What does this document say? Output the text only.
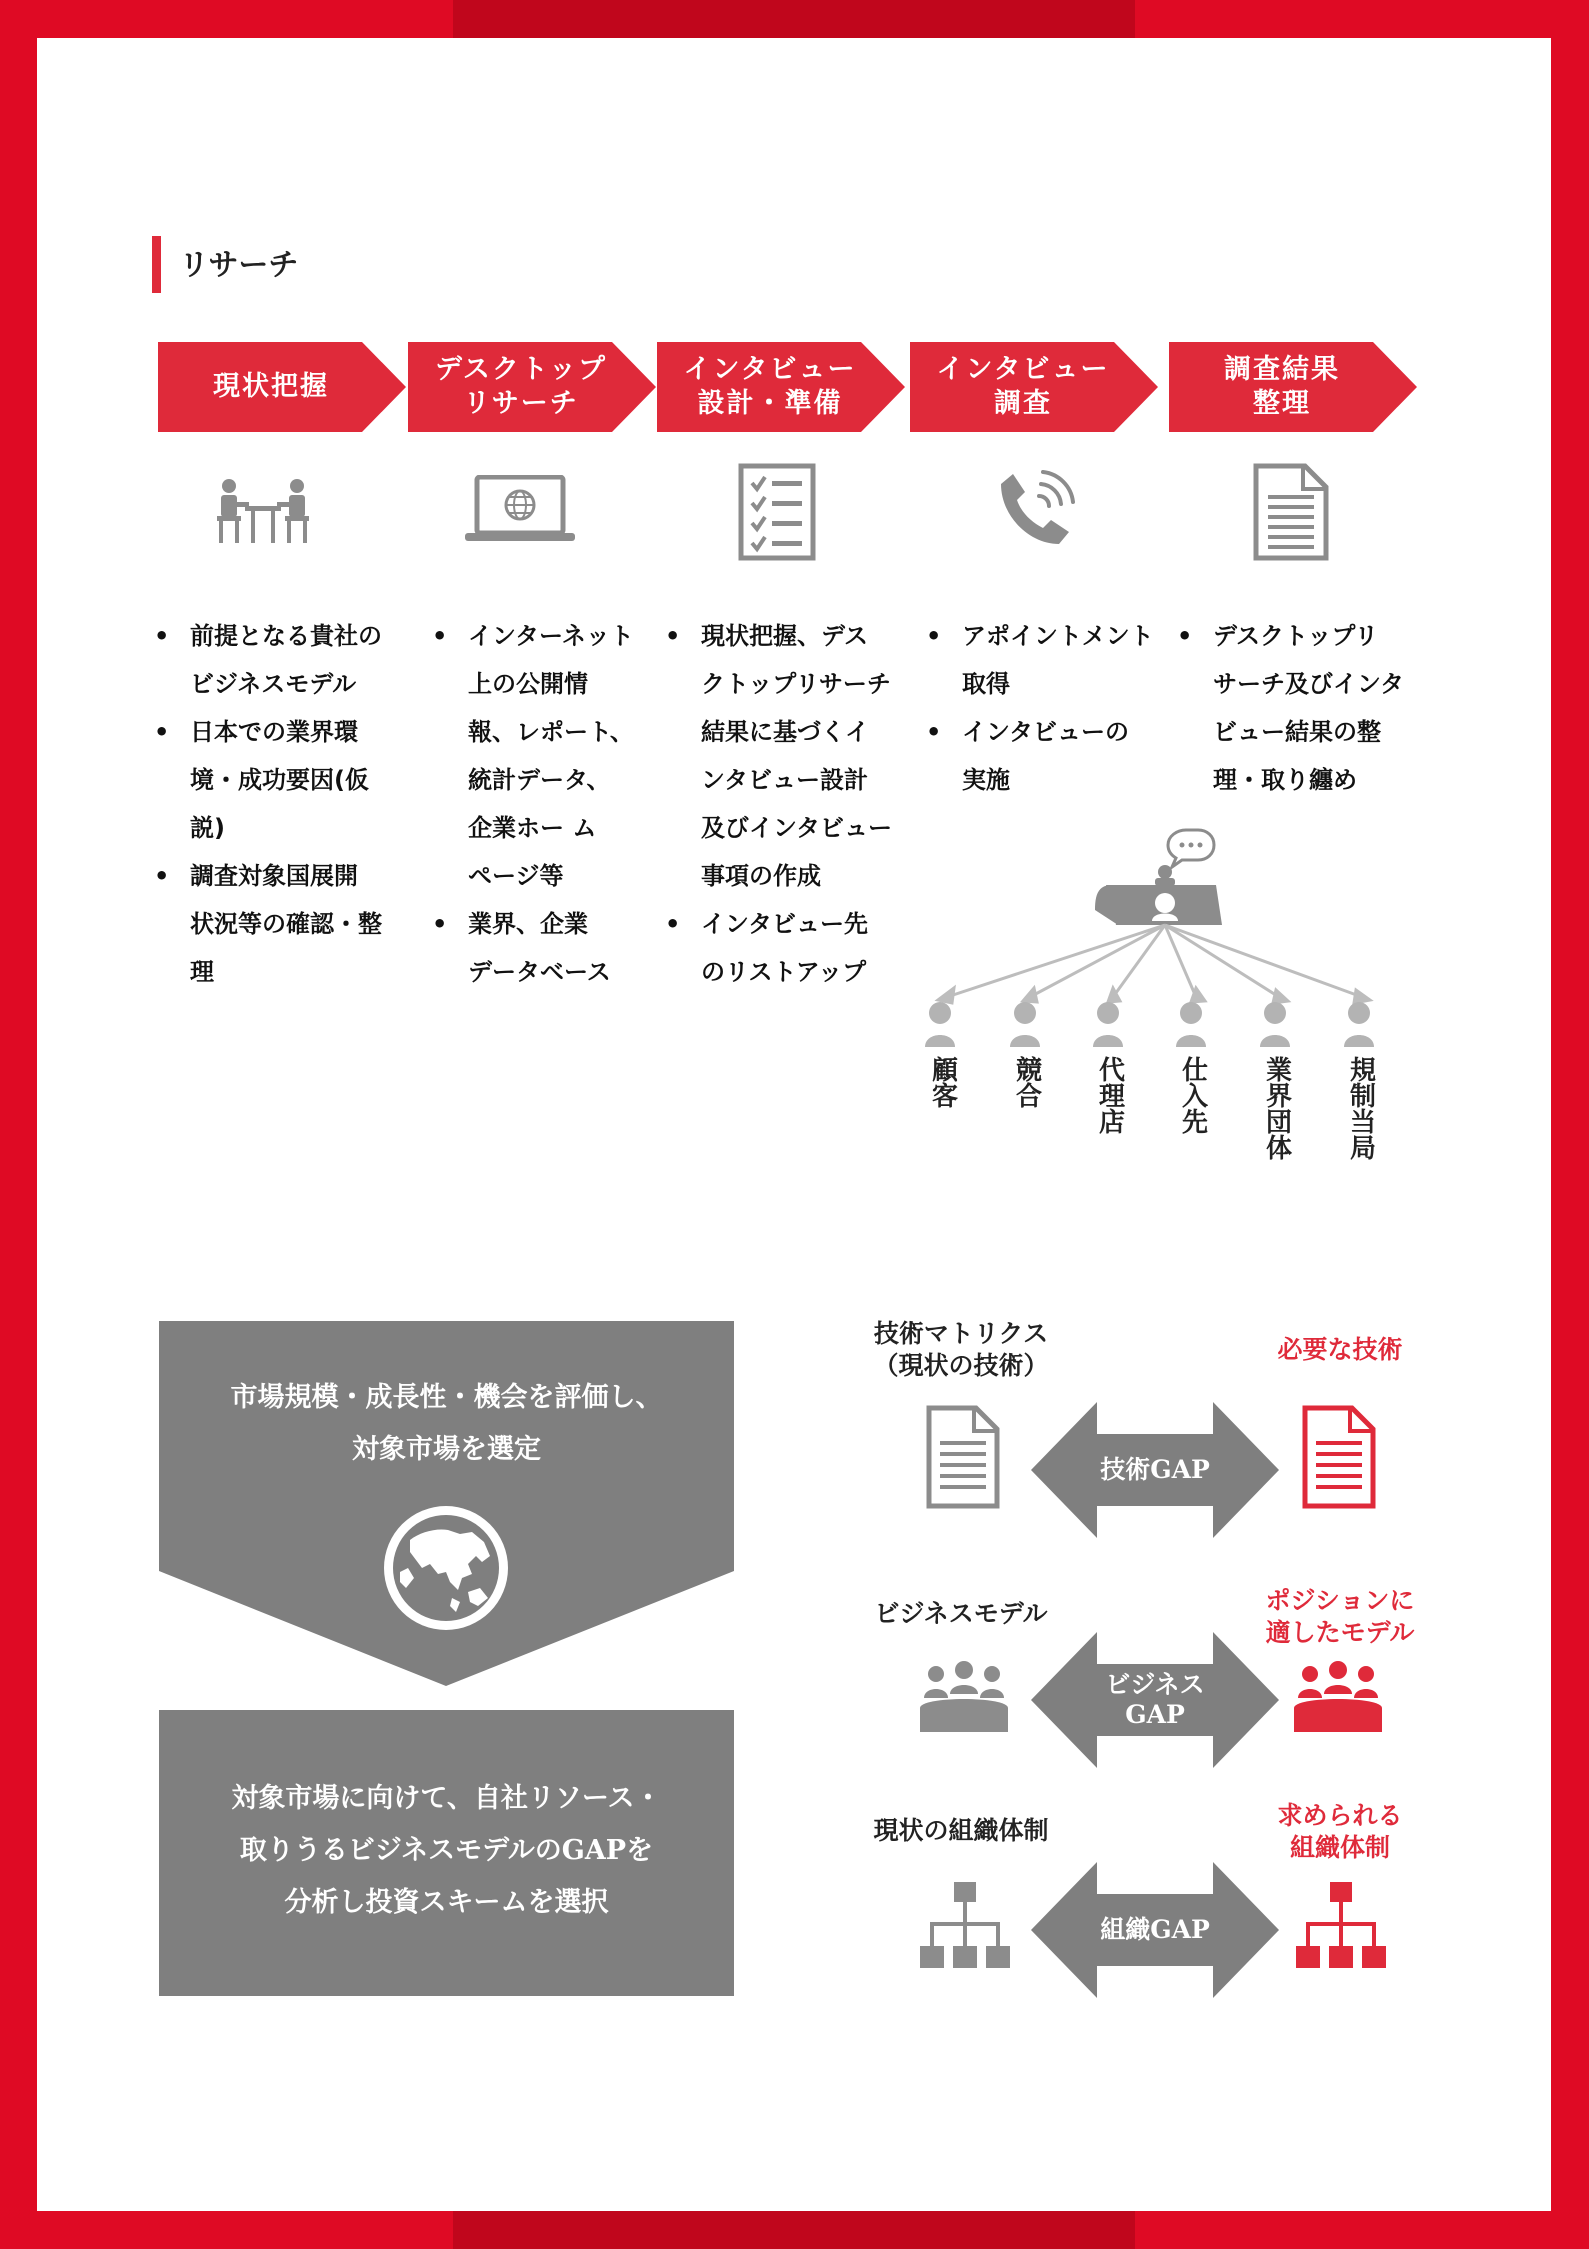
リサーチ
現状把握
デスクトップ
リサーチ
インタビュー
設計・準備
インタビュー
調査
調査結果
整理
• 前提となる貴社の
ビジネスモデル
• 日本での業界環
境・成功要因(仮
説)
• 調査対象国展開
状況等の確認・整
理
• インターネット
上の公開情
報、レポート、
統計データ、
企業ホー ム
ページ等
• 業界、企業
データベース
• 現状把握、デス
クトップリサーチ
結果に基づくイ
ンタビュー設計
及びインタビュー
事項の作成
• インタビュー先
のリストアップ
• アポイントメント
取得
• インタビューの
実施
• デスクトップリ
サーチ及びインタ
ビュー結果の整
理・取り纏め
顧客
競合
代理店
仕入先
業界団体
規制当局
市場規模・成長性・機会を評価し、
対象市場を選定
対象市場に向けて、自社リソース・
取りうるビジネスモデルのGAPを
分析し投資スキームを選択
技術マトリクス
（現状の技術）
必要な技術
技術GAP
ビジネスモデル	ポジションに
適したモデル
ビジネス
GAP
現状の組織体制
求められる
組織体制
組織GAP
